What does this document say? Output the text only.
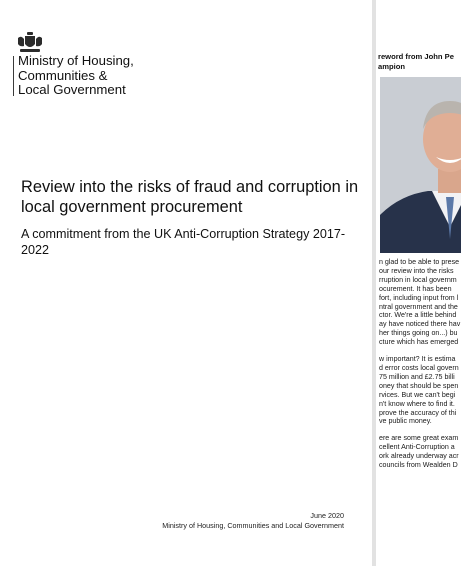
Ministry of Housing,
Communities &
Local Government
Review into the risks of fraud and corruption in local government procurement
A commitment from the UK Anti-Corruption Strategy 2017-2022
June 2020
Ministry of Housing, Communities and Local Government
reword from John Pe
ampion

n glad to be able to prese
our review into the risks
rruption in local governm
ocurement. It has been
fort, including input from l
ntral government and the
ctor. We're a little behind
ay have noticed there hav
her things going on...) bu
cture which has emerged

w important? It is estima
d error costs local govern
75 million and £2.75 billi
oney that should be spen
rvices. But we can't begi
n't know where to find it.
prove the accuracy of thi
ve public money.

ere are some great exam
cellent Anti-Corruption a
ork already underway acr
councils from Wealden D
